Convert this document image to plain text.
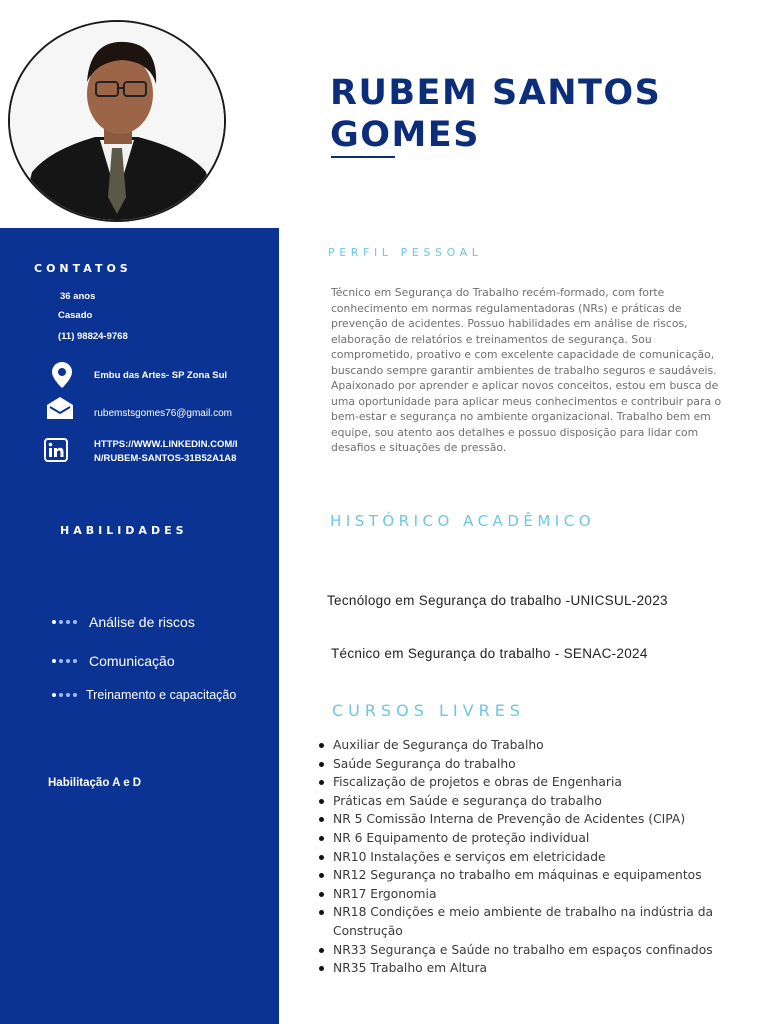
RUBEM SANTOS
GOMES
CONTATOS
36 anos
Casado
(11) 98824-9768
Embu das Artes- SP Zona Sul
rubemstsgomes76@gmail.com
HTTPS://WWW.LINKEDIN.COM/I
N/RUBEM-SANTOS-31B52A1A8
HABILIDADES
Análise de riscos
Comunicação
Treinamento e capacitação
Habilitação A e D
PERFIL PESSOAL
Técnico em Segurança do Trabalho recém-formado, com forte conhecimento em normas regulamentadoras (NRs) e práticas de prevenção de acidentes. Possuo habilidades em análise de riscos, elaboração de relatórios e treinamentos de segurança. Sou comprometido, proativo e com excelente capacidade de comunicação, buscando sempre garantir ambientes de trabalho seguros e saudáveis. Apaixonado por aprender e aplicar novos conceitos, estou em busca de uma oportunidade para aplicar meus conhecimentos e contribuir para o bem-estar e segurança no ambiente organizacional. Trabalho bem em equipe, sou atento aos detalhes e possuo disposição para lidar com desafios e situações de pressão.
HISTÓRICO ACADÊMICO
Tecnólogo em Segurança do trabalho -UNICSUL-2023
Técnico em Segurança do trabalho - SENAC-2024
CURSOS LIVRES
Auxiliar de Segurança do Trabalho
Saúde Segurança do trabalho
Fiscalização de projetos e obras de Engenharia
Práticas em Saúde e segurança do trabalho
NR 5 Comissão Interna de Prevenção de Acidentes (CIPA)
NR 6 Equipamento de proteção individual
NR10 Instalações e serviços em eletricidade
NR12 Segurança no trabalho em máquinas e equipamentos
NR17 Ergonomia
NR18 Condições e meio ambiente de trabalho na indústria da Construção
NR33 Segurança e Saúde no trabalho em espaços confinados
NR35 Trabalho em Altura
